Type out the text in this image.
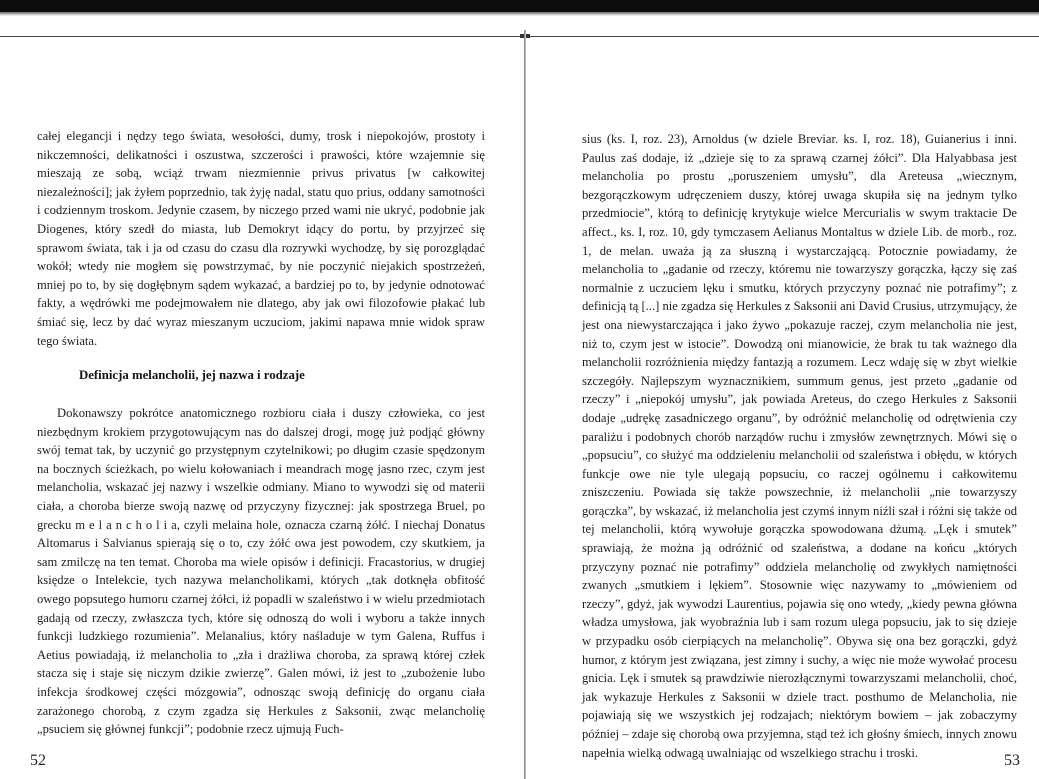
całej elegancji i nędzy tego świata, wesołości, dumy, trosk i niepokojów, prostoty i nikczemności, delikatności i oszustwa, szczerości i prawości, które wzajemnie się mieszają ze sobą, wciąż trwam niezmiennie privus privatus [w całkowitej niezależności]; jak żyłem poprzednio, tak żyję nadal, statu quo prius, oddany samotności i codziennym troskom. Jedynie czasem, by niczego przed wami nie ukryć, podobnie jak Diogenes, który szedł do miasta, lub Demokryt idący do portu, by przyjrzeć się sprawom świata, tak i ja od czasu do czasu dla rozrywki wychodzę, by się porozglądać wokół; wtedy nie mogłem się powstrzymać, by nie poczynić niejakich spostrzeżeń, mniej po to, by się dogłębnym sądem wykazać, a bardziej po to, by jedynie odnotować fakty, a wędrówki me podejmowałem nie dlatego, aby jak owi filozofowie płakać lub śmiać się, lecz by dać wyraz mieszanym uczuciom, jakimi napawa mnie widok spraw tego świata.

Definicja melancholii, jej nazwa i rodzaje

Dokonawszy pokrótce anatomicznego rozbioru ciała i duszy człowieka, co jest niezbędnym krokiem przygotowującym nas do dalszej drogi, mogę już podjąć główny swój temat tak, by uczynić go przystępnym czytelnikowi; po długim czasie spędzonym na bocznych ścieżkach, po wielu kołowaniach i meandrach mogę jasno rzec, czym jest melancholia, wskazać jej nazwy i wszelkie odmiany. Miano to wywodzi się od materii ciała, a choroba bierze swoją nazwę od przyczyny fizycznej: jak spostrzega Bruel, po grecku m e l a n c h o l i a, czyli melaina hole, oznacza czarną żółć. I niechaj Donatus Altomarus i Salvianus spierają się o to, czy żółć owa jest powodem, czy skutkiem, ja sam zmilczę na ten temat. Choroba ma wiele opisów i definicji. Fracastorius, w drugiej księdze o Intelekcie, tych nazywa melancholikami, których „tak dotknęła obfitość owego popsutego humoru czarnej żółci, iż popadli w szaleństwo i w wielu przedmiotach gadają od rzeczy, zwłaszcza tych, które się odnoszą do woli i wyboru a także innych funkcji ludzkiego rozumienia”. Melanalius, który naśladuje w tym Galena, Ruffus i Aetius powiadają, iż melancholia to „zła i drażliwa choroba, za sprawą której człek stacza się i staje się niczym dzikie zwierzę”. Galen mówi, iż jest to „zubożenie lubo infekcja środkowej części mózgowia”, odnosząc swoją definicję do organu ciała zarażonego chorobą, z czym zgadza się Herkules z Saksonii, zwąc melancholię „psuciem się głównej funkcji”; podobnie rzecz ujmują Fuch-

52

sius (ks. I, roz. 23), Arnoldus (w dziele Breviar. ks. I, roz. 18), Guianerius i inni. Paulus zaś dodaje, iż „dzieje się to za sprawą czarnej żółci”. Dla Halyabbasa jest melancholia po prostu „poruszeniem umysłu”, dla Areteusa „wiecznym, bezgorączkowym udręczeniem duszy, której uwaga skupiła się na jednym tylko przedmiocie”, którą to definicję krytykuje wielce Mercurialis w swym traktacie De affect., ks. I, roz. 10, gdy tymczasem Aelianus Montaltus w dziele Lib. de morb., roz. 1, de melan. uważa ją za słuszną i wystarczającą. Potocznie powiadamy, że melancholia to „gadanie od rzeczy, któremu nie towarzyszy gorączka, łączy się zaś normalnie z uczuciem lęku i smutku, których przyczyny poznać nie potrafimy”; z definicją tą [...] nie zgadza się Herkules z Saksonii ani David Crusius, utrzymujący, że jest ona niewystarczająca i jako żywo „pokazuje raczej, czym melancholia nie jest, niż to, czym jest w istocie”. Dowodzą oni mianowicie, że brak tu tak ważnego dla melancholii rozróżnienia między fantazją a rozumem. Lecz wdaję się w zbyt wielkie szczegóły. Najlepszym wyznacznikiem, summum genus, jest przeto „gadanie od rzeczy” i „niepokój umysłu”, jak powiada Areteus, do czego Herkules z Saksonii dodaje „udrękę zasadniczego organu”, by odróżnić melancholię od odrętwienia czy paraliżu i podobnych chorób narządów ruchu i zmysłów zewnętrznych. Mówi się o „popsuciu”, co służyć ma oddzieleniu melancholii od szaleństwa i obłędu, w których funkcje owe nie tyle ulegają popsuciu, co raczej ogólnemu i całkowitemu zniszczeniu. Powiada się także powszechnie, iż melancholii „nie towarzyszy gorączka”, by wskazać, iż melancholia jest czymś innym niźli szał i różni się także od tej melancholii, którą wywołuje gorączka spowodowana dżumą. „Lęk i smutek” sprawiają, że można ją odróżnić od szaleństwa, a dodane na końcu „których przyczyny poznać nie potrafimy” oddziela melancholię od zwykłych namiętności zwanych „smutkiem i lękiem”. Stosownie więc nazywamy to „mówieniem od rzeczy”, gdyż, jak wywodzi Laurentius, pojawia się ono wtedy, „kiedy pewna główna władza umysłowa, jak wyobraźnia lub i sam rozum ulega popsuciu, jak to się dzieje w przypadku osób cierpiących na melancholię”. Obywa się ona bez gorączki, gdyż humor, z którym jest związana, jest zimny i suchy, a więc nie może wywołać procesu gnicia. Lęk i smutek są prawdziwie nierozłącznymi towarzyszami melancholii, choć, jak wykazuje Herkules z Saksonii w dziele tract. posthumo de Melancholia, nie pojawiają się we wszystkich jej rodzajach; niektórym bowiem – jak zobaczymy później – zdaje się chorobą owa przyjemna, stąd też ich głośny śmiech, innych znowu napełnia wielką odwagą uwalniając od wszelkiego strachu i troski.	53
